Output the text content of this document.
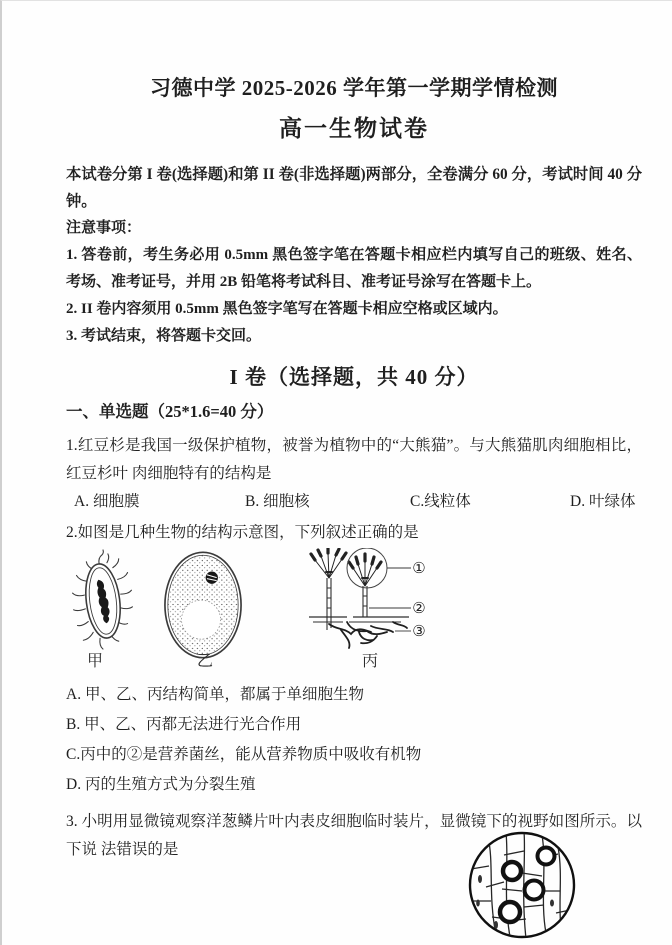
习德中学 2025-2026 学年第一学期学情检测
高一生物试卷

本试卷分第 I 卷(选择题)和第 II 卷(非选择题)两部分，全卷满分 60 分，考试时间 40 分钟。

注意事项：

1. 答卷前，考生务必用 0.5mm 黑色签字笔在答题卡相应栏内填写自己的班级、姓名、考场、准考证号，并用 2B 铅笔将考试科目、准考证号涂写在答题卡上。

2. II 卷内容须用 0.5mm 黑色签字笔写在答题卡相应空格或区域内。

3. 考试结束，将答题卡交回。

I 卷（选择题，共 40 分）
一、单选题（25*1.6=40 分）

1.红豆杉是我国一级保护植物，被誉为植物中的“大熊猫”。与大熊猫肌肉细胞相比，红豆杉叶 肉细胞特有的结构是

A. 细胞膜	B. 细胞核	C.线粒体	D. 叶绿体

2.如图是几种生物的结构示意图，下列叙述正确的是

①
②
③
甲	乙	丙

A. 甲、乙、丙结构简单，都属于单细胞生物

B. 甲、乙、丙都无法进行光合作用

C.丙中的②是营养菌丝，能从营养物质中吸收有机物

D. 丙的生殖方式为分裂生殖

3. 小明用显微镜观察洋葱鳞片叶内表皮细胞临时装片，显微镜下的视野如图所示。以下说 法错误的是
